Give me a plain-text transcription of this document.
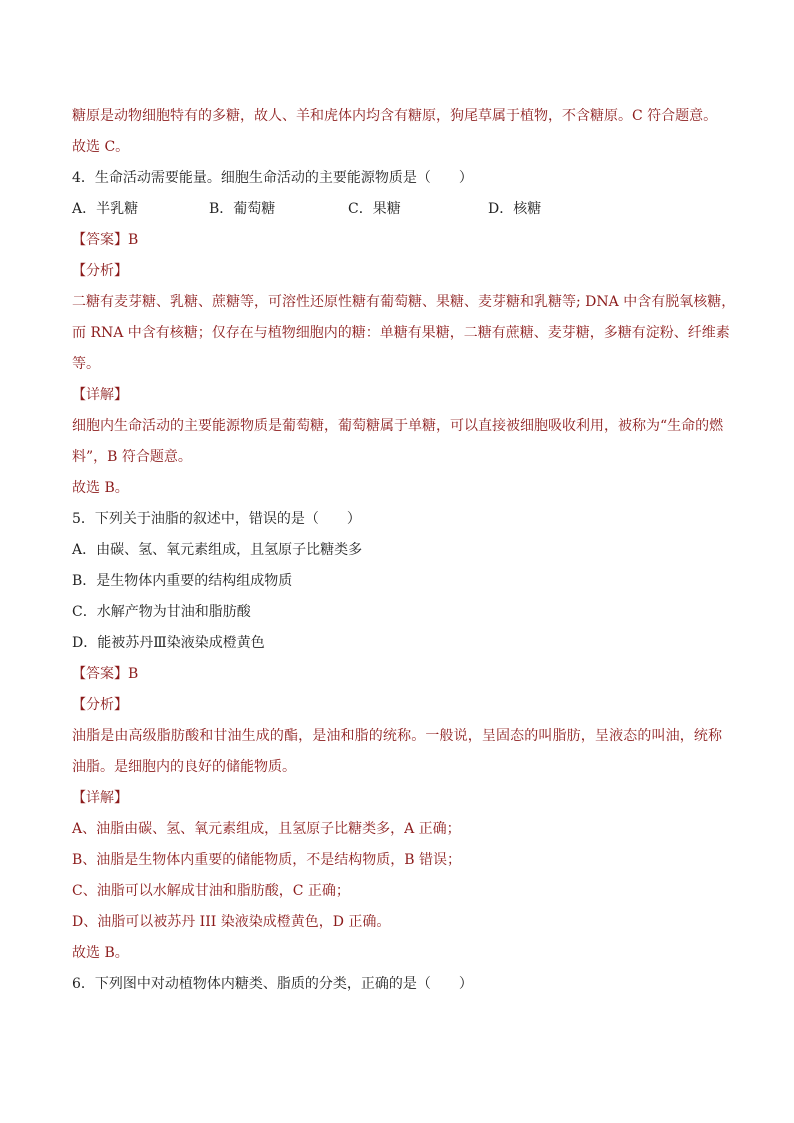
糖原是动物细胞特有的多糖，故人、羊和虎体内均含有糖原，狗尾草属于植物，不含糖原。C 符合题意。
故选 C。
4．生命活动需要能量。细胞生命活动的主要能源物质是（　　）
A．半乳糖	B．葡萄糖	C．果糖	D．核糖
【答案】B
【分析】
二糖有麦芽糖、乳糖、蔗糖等，可溶性还原性糖有葡萄糖、果糖、麦芽糖和乳糖等; DNA 中含有脱氧核糖，
而 RNA 中含有核糖；仅存在与植物细胞内的糖：单糖有果糖，二糖有蔗糖、麦芽糖，多糖有淀粉、纤维素
等。
【详解】
细胞内生命活动的主要能源物质是葡萄糖，葡萄糖属于单糖，可以直接被细胞吸收利用，被称为“生命的燃
料”，B 符合题意。
故选 B。
5．下列关于油脂的叙述中，错误的是（　　）
A．由碳、氢、氧元素组成，且氢原子比糖类多
B．是生物体内重要的结构组成物质
C．水解产物为甘油和脂肪酸
D．能被苏丹Ⅲ染液染成橙黄色
【答案】B
【分析】
油脂是由高级脂肪酸和甘油生成的酯，是油和脂的统称。一般说，呈固态的叫脂肪，呈液态的叫油，统称
油脂。是细胞内的良好的储能物质。
【详解】
A、油脂由碳、氢、氧元素组成，且氢原子比糖类多，A 正确；
B、油脂是生物体内重要的储能物质，不是结构物质，B 错误；
C、油脂可以水解成甘油和脂肪酸，C 正确；
D、油脂可以被苏丹 III 染液染成橙黄色，D 正确。
故选 B。
6．下列图中对动植物体内糖类、脂质的分类，正确的是（　　）
